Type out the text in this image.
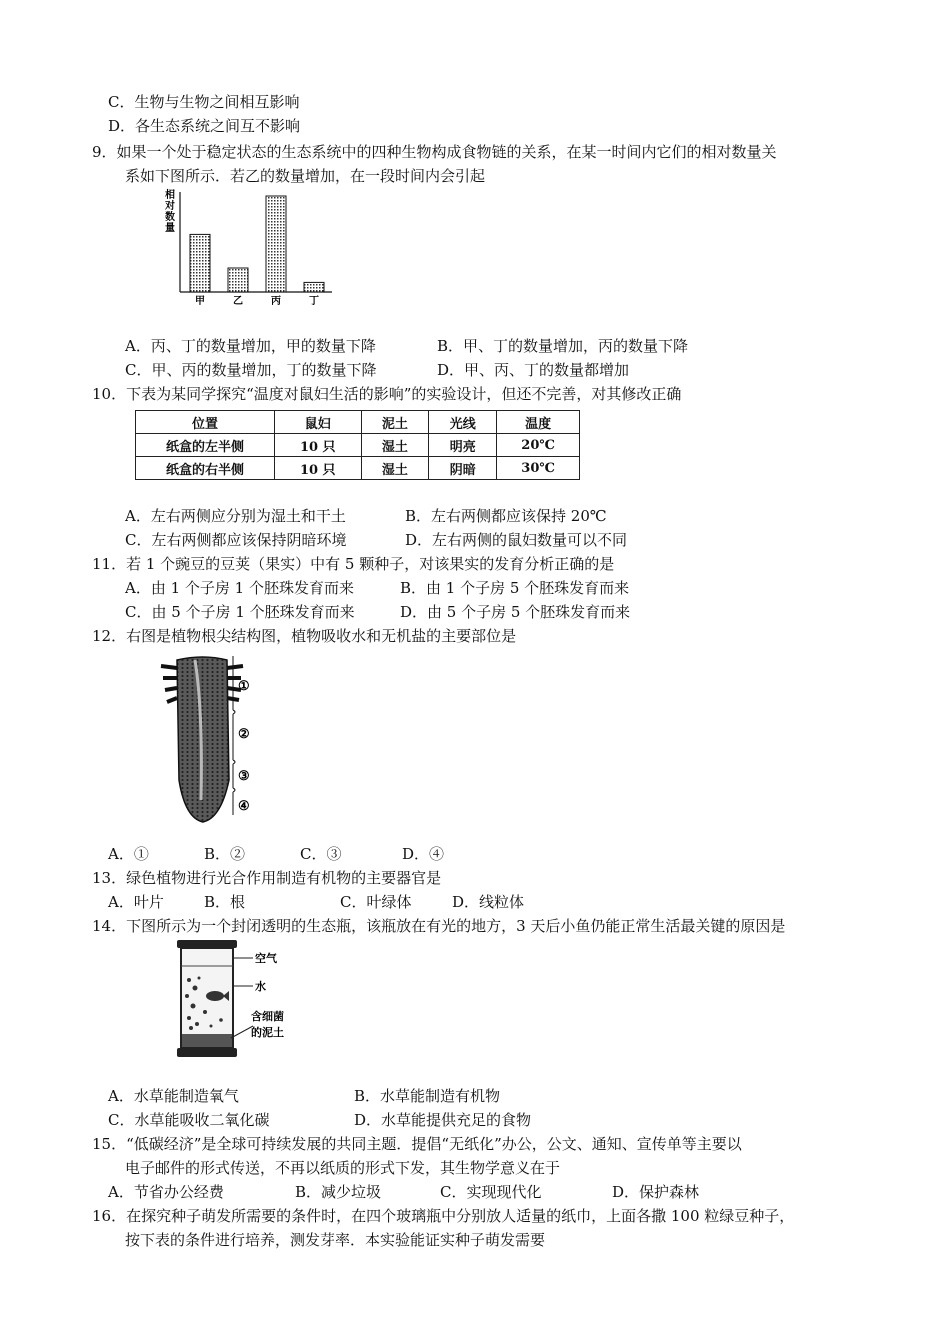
C．生物与生物之间相互影响
D．各生态系统之间互不影响
9．如果一个处于稳定状态的生态系统中的四种生物构成食物链的关系，在某一时间内它们的相对数量关
系如下图所示．若乙的数量增加，在一段时间内会引起
相对数量
甲	乙	丙	丁
A．丙、丁的数量增加，甲的数量下降	B．甲、丁的数量增加，丙的数量下降
C．甲、丙的数量增加，丁的数量下降	D．甲、丙、丁的数量都增加
10．下表为某同学探究“温度对鼠妇生活的影响”的实验设计，但还不完善，对其修改正确
位置	鼠妇	泥土	光线	温度
纸盒的左半侧	10 只	湿土	明亮	20℃
纸盒的右半侧	10 只	湿土	阴暗	30℃
A．左右两侧应分别为湿土和干土	B．左右两侧都应该保持 20℃
C．左右两侧都应该保持阴暗环境	D．左右两侧的鼠妇数量可以不同
11．若 1 个豌豆的豆荚（果实）中有 5 颗种子，对该果实的发育分析正确的是
A．由 1 个子房 1 个胚珠发育而来	B．由 1 个子房 5 个胚珠发育而来
C．由 5 个子房 1 个胚珠发育而来	D．由 5 个子房 5 个胚珠发育而来
12．右图是植物根尖结构图，植物吸收水和无机盐的主要部位是
①
②
③
④
A．①	B．②	C．③	D．④
13．绿色植物进行光合作用制造有机物的主要器官是
A．叶片	B．根	C．叶绿体	D．线粒体
14．下图所示为一个封闭透明的生态瓶，该瓶放在有光的地方，3 天后小鱼仍能正常生活最关键的原因是
空气
水
含细菌
的泥土
A．水草能制造氧气	B．水草能制造有机物
C．水草能吸收二氧化碳	D．水草能提供充足的食物
15．“低碳经济”是全球可持续发展的共同主题．提倡“无纸化”办公，公文、通知、宣传单等主要以
电子邮件的形式传送，不再以纸质的形式下发，其生物学意义在于
A．节省办公经费	B．减少垃圾	C．实现现代化	D．保护森林
16．在探究种子萌发所需要的条件时，在四个玻璃瓶中分别放人适量的纸巾，上面各撒 100 粒绿豆种子，
按下表的条件进行培养，测发芽率．本实验能证实种子萌发需要
